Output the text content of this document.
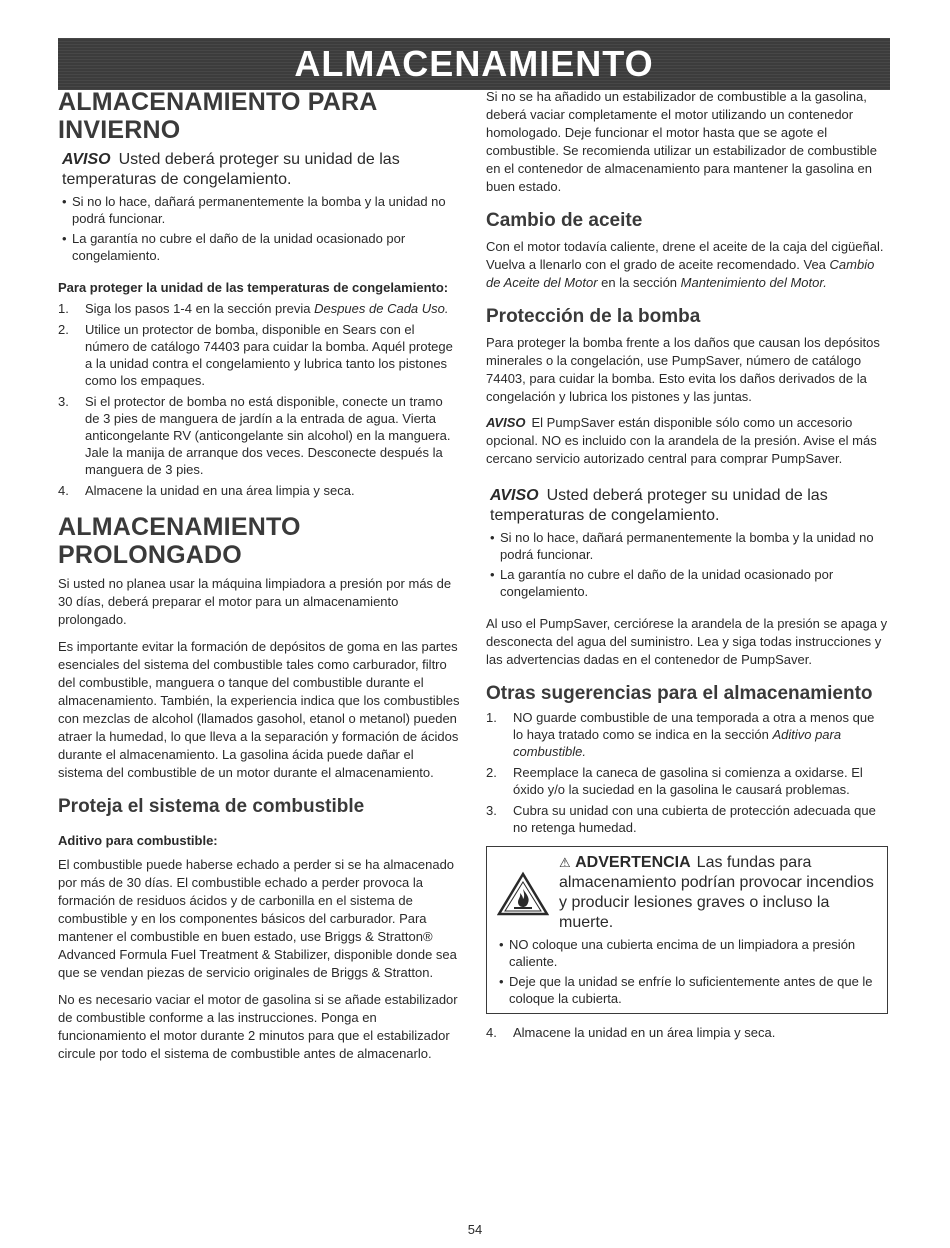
ALMACENAMIENTO
ALMACENAMIENTO PARA INVIERNO
AVISO Usted deberá proteger su unidad de las temperaturas de congelamiento.
• Si no lo hace, dañará permanentemente la bomba y la unidad no podrá funcionar.
• La garantía no cubre el daño de la unidad ocasionado por congelamiento.
Para proteger la unidad de las temperaturas de congelamiento:
1.	Siga los pasos 1-4 en la sección previa Despues de Cada Uso.
2.	Utilice un protector de bomba, disponible en Sears con el número de catálogo 74403 para cuidar la bomba. Aquél protege a la unidad contra el congelamiento y lubrica tanto los pistones como los empaques.
3.	Si el protector de bomba no está disponible, conecte un tramo de 3 pies de manguera de jardín a la entrada de agua. Vierta anticongelante RV (anticongelante sin alcohol) en la manguera. Jale la manija de arranque dos veces. Desconecte después la manguera de 3 pies.
4.	Almacene la unidad en una área limpia y seca.
ALMACENAMIENTO PROLONGADO

Si usted no planea usar la máquina limpiadora a presión por más de 30 días, deberá preparar el motor para un almacenamiento prolongado.

Es importante evitar la formación de depósitos de goma en las partes esenciales del sistema del combustible tales como carburador, filtro del combustible, manguera o tanque del combustible durante el almacenamiento. También, la experiencia indica que los combustibles con mezclas de alcohol (llamados gasohol, etanol o metanol) pueden atraer la humedad, lo que lleva a la separación y formación de ácidos durante el almacenamiento. La gasolina ácida puede dañar el sistema del combustible de un motor durante el almacenamiento.

Proteja el sistema de combustible
Aditivo para combustible:

El combustible puede haberse echado a perder si se ha almacenado por más de 30 días. El combustible echado a perder provoca la formación de residuos ácidos y de carbonilla en el sistema de combustible y en los componentes básicos del carburador. Para mantener el combustible en buen estado, use Briggs & Stratton® Advanced Formula Fuel Treatment & Stabilizer, disponible donde sea que se vendan piezas de servicio originales de Briggs & Stratton.

No es necesario vaciar el motor de gasolina si se añade estabilizador de combustible conforme a las instrucciones. Ponga en funcionamiento el motor durante 2 minutos para que el estabilizador circule por todo el sistema de combustible antes de almacenarlo.

Si no se ha añadido un estabilizador de combustible a la gasolina, deberá vaciar completamente el motor utilizando un contenedor homologado. Deje funcionar el motor hasta que se agote el combustible. Se recomienda utilizar un estabilizador de combustible en el contenedor de almacenamiento para mantener la gasolina en buen estado.

Cambio de aceite

Con el motor todavía caliente, drene el aceite de la caja del cigüeñal. Vuelva a llenarlo con el grado de aceite recomendado. Vea Cambio de Aceite del Motor en la sección Mantenimiento del Motor.

Protección de la bomba

Para proteger la bomba frente a los daños que causan los depósitos minerales o la congelación, use PumpSaver, número de catálogo 74403, para cuidar la bomba. Esto evita los daños derivados de la congelación y lubrica los pistones y las juntas.

AVISO El PumpSaver están disponible sólo como un accesorio opcional. NO es incluido con la arandela de la presión. Avise el más cercano servicio autorizado central para comprar PumpSaver.

AVISO Usted deberá proteger su unidad de las temperaturas de congelamiento.
• Si no lo hace, dañará permanentemente la bomba y la unidad no podrá funcionar.
• La garantía no cubre el daño de la unidad ocasionado por congelamiento.

Al uso el PumpSaver, cerciórese la arandela de la presión se apaga y desconecta del agua del suministro. Lea y siga todas instrucciones y las advertencias dadas en el contenedor de PumpSaver.

Otras sugerencias para el almacenamiento
1.	NO guarde combustible de una temporada a otra a menos que lo haya tratado como se indica en la sección Aditivo para combustible.
2.	Reemplace la caneca de gasolina si comienza a oxidarse. El óxido y/o la suciedad en la gasolina le causará problemas.
3.	Cubra su unidad con una cubierta de protección adecuada que no retenga humedad.
⚠ ADVERTENCIA Las fundas para almacenamiento podrían provocar incendios y producir lesiones graves o incluso la muerte.
• NO coloque una cubierta encima de un limpiadora a presión caliente.
• Deje que la unidad se enfríe lo suficientemente antes de que le coloque la cubierta.
4.	Almacene la unidad en un área limpia y seca.
54
